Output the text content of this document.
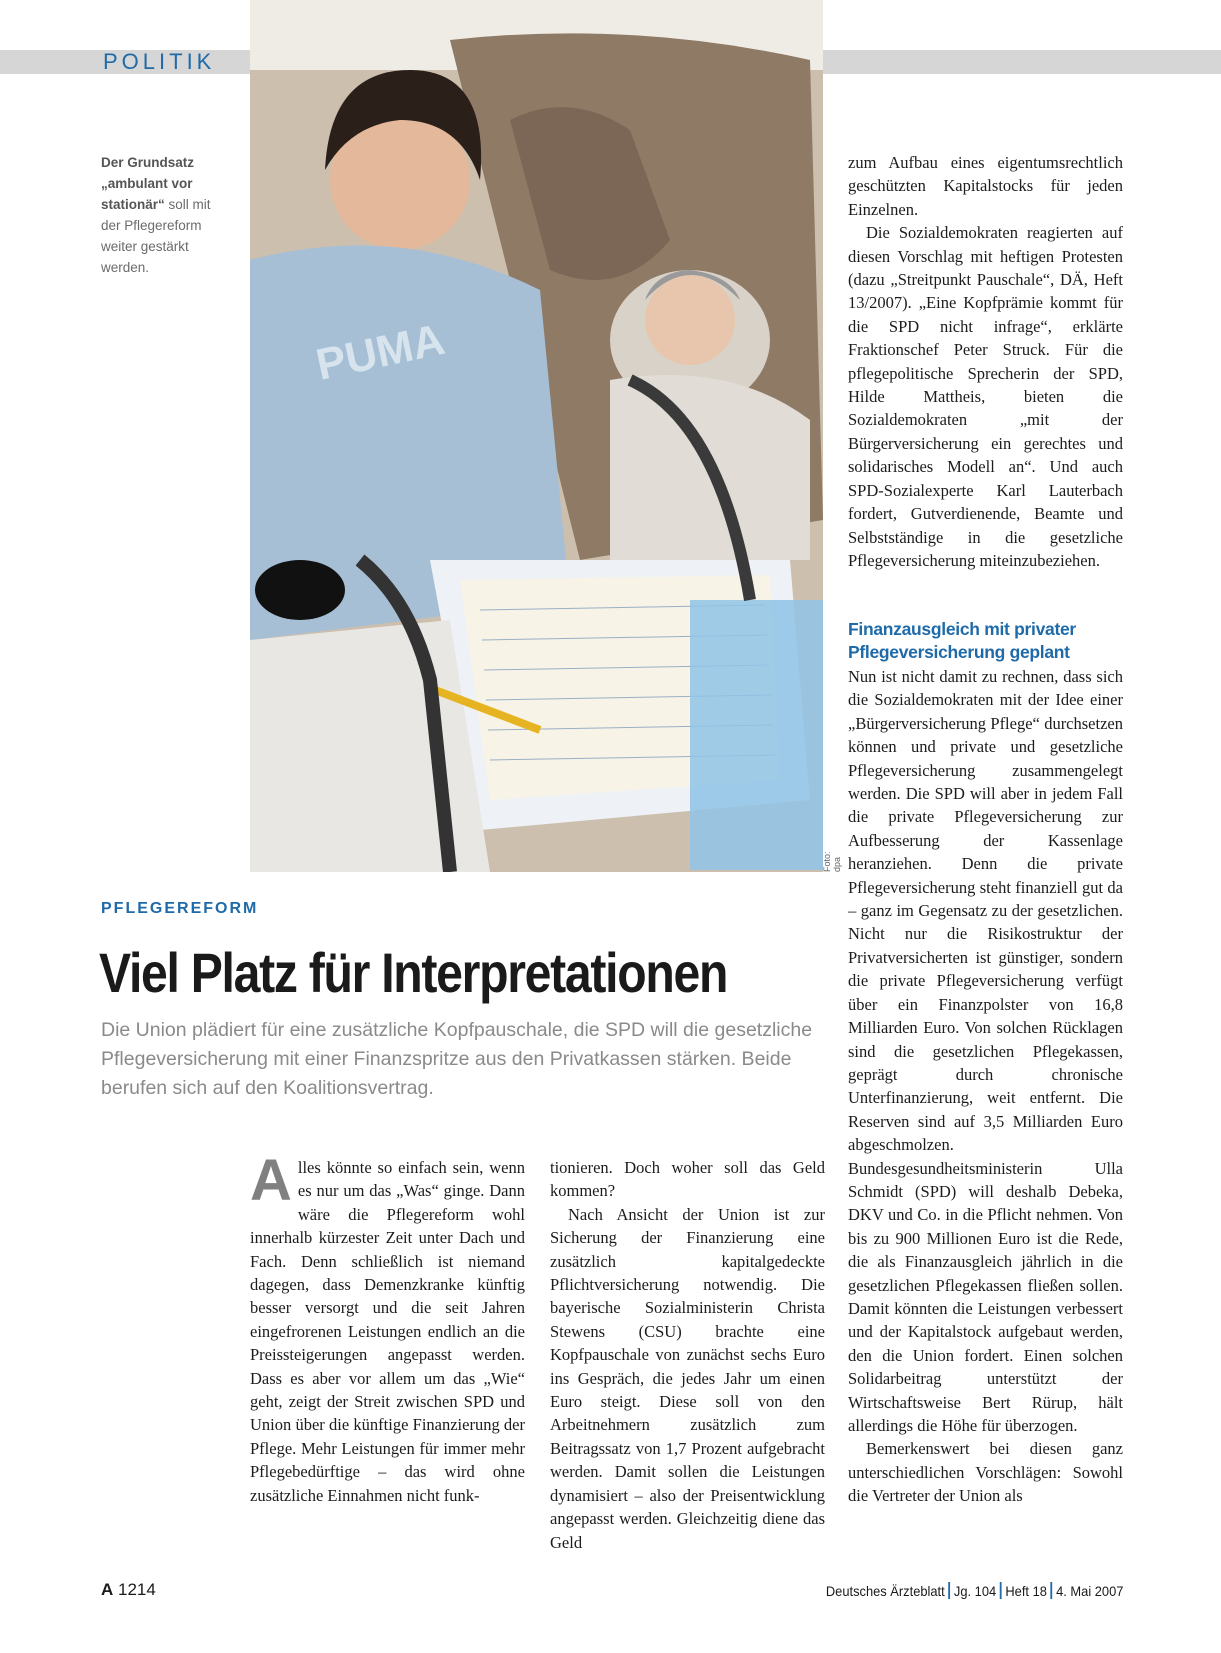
POLITIK
Der Grundsatz „ambulant vor stationär“ soll mit der Pflegereform weiter gestärkt werden.
PUMA
Foto: dpa
PFLEGEREFORM
Viel Platz für Interpretationen
Die Union plädiert für eine zusätzliche Kopfpauschale, die SPD will die gesetzliche Pflegeversicherung mit einer Finanzspritze aus den Privatkassen stärken. Beide berufen sich auf den Koalitionsvertrag.

Alles könnte so einfach sein, wenn es nur um das „Was“ ginge. Dann wäre die Pflegereform wohl innerhalb kürzester Zeit unter Dach und Fach. Denn schließlich ist niemand dagegen, dass Demenzkranke künftig besser versorgt und die seit Jahren eingefrorenen Leistungen endlich an die Preissteigerungen angepasst werden. Dass es aber vor allem um das „Wie“ geht, zeigt der Streit zwischen SPD und Union über die künftige Finanzierung der Pflege. Mehr Leistungen für immer mehr Pflegebedürftige – das wird ohne zusätzliche Einnahmen nicht funk-

tionieren. Doch woher soll das Geld kommen?

Nach Ansicht der Union ist zur Sicherung der Finanzierung eine zusätzlich kapitalgedeckte Pflichtversicherung notwendig. Die bayerische Sozialministerin Christa Stewens (CSU) brachte eine Kopfpauschale von zunächst sechs Euro ins Gespräch, die jedes Jahr um einen Euro steigt. Diese soll von den Arbeitnehmern zusätzlich zum Beitragssatz von 1,7 Prozent aufgebracht werden. Damit sollen die Leistungen dynamisiert – also der Preisentwicklung angepasst werden. Gleichzeitig diene das Geld

zum Aufbau eines eigentumsrechtlich geschützten Kapitalstocks für jeden Einzelnen.

Die Sozialdemokraten reagierten auf diesen Vorschlag mit heftigen Protesten (dazu „Streitpunkt Pauschale“, DÄ, Heft 13/2007). „Eine Kopfprämie kommt für die SPD nicht infrage“, erklärte Fraktionschef Peter Struck. Für die pflegepolitische Sprecherin der SPD, Hilde Mattheis, bieten die Sozialdemokraten „mit der Bürgerversicherung ein gerechtes und solidarisches Modell an“. Und auch SPD-Sozialexperte Karl Lauterbach fordert, Gutverdienende, Beamte und Selbstständige in die gesetzliche Pflegeversicherung miteinzubeziehen.

Finanzausgleich mit privater Pflegeversicherung geplant

Nun ist nicht damit zu rechnen, dass sich die Sozialdemokraten mit der Idee einer „Bürgerversicherung Pflege“ durchsetzen können und private und gesetzliche Pflegeversicherung zusammengelegt werden. Die SPD will aber in jedem Fall die private Pflegeversicherung zur Aufbesserung der Kassenlage heranziehen. Denn die private Pflegeversicherung steht finanziell gut da – ganz im Gegensatz zu der gesetzlichen. Nicht nur die Risikostruktur der Privatversicherten ist günstiger, sondern die private Pflegeversicherung verfügt über ein Finanzpolster von 16,8 Milliarden Euro. Von solchen Rücklagen sind die gesetzlichen Pflegekassen, geprägt durch chronische Unterfinanzierung, weit entfernt. Die Reserven sind auf 3,5 Milliarden Euro abgeschmolzen. Bundesgesundheitsministerin Ulla Schmidt (SPD) will deshalb Debeka, DKV und Co. in die Pflicht nehmen. Von bis zu 900 Millionen Euro ist die Rede, die als Finanzausgleich jährlich in die gesetzlichen Pflegekassen fließen sollen. Damit könnten die Leistungen verbessert und der Kapitalstock aufgebaut werden, den die Union fordert. Einen solchen Solidarbeitrag unterstützt der Wirtschaftsweise Bert Rürup, hält allerdings die Höhe für überzogen.

Bemerkenswert bei diesen ganz unterschiedlichen Vorschlägen: Sowohl die Vertreter der Union als

A 1214	Deutsches Ärzteblatt Jg. 104 Heft 18 4. Mai 2007
